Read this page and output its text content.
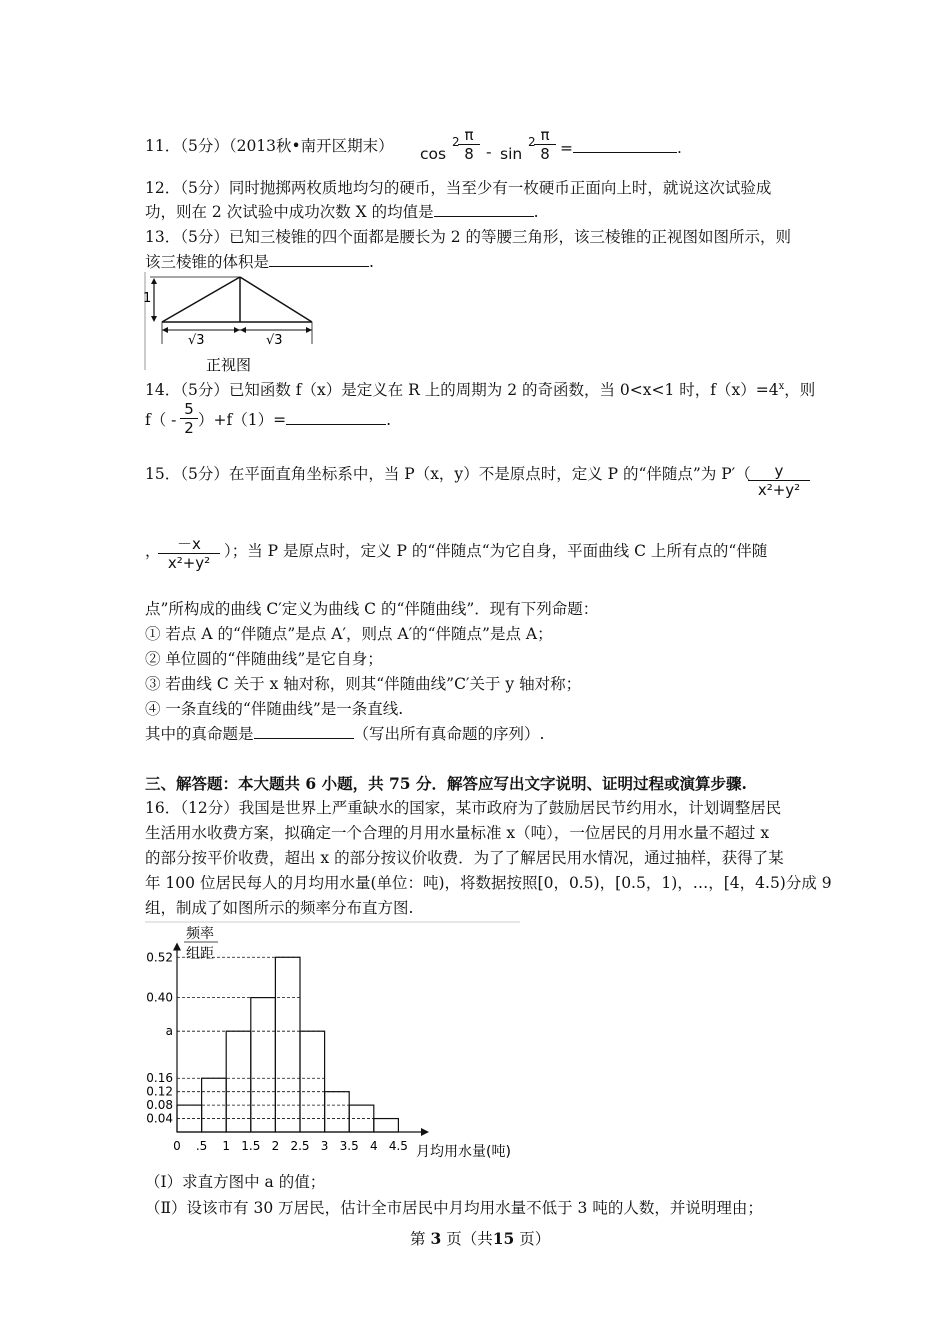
11．（5分）（2013秋•南开区期末） cos
2 π
8 - sin
2 π
8 =	.
12．（5分）同时抛掷两枚质地均匀的硬币，当至少有一枚硬币正面向上时，就说这次试验成
功，则在 2 次试验中成功次数 X 的均值是	.
13．（5分）已知三棱锥的四个面都是腰长为 2 的等腰三角形，该三棱锥的正视图如图所示，则
该三棱锥的体积是	.
1
√3	√3
正视图
14．（5分）已知函数 f（x）是定义在 R 上的周期为 2 的奇函数，当 0<x<1 时，$f(x)=4^x$，则
f（ -
5
2 ）+f（1）=	.
15．（5分）在平面直角坐标系中，当 P（x，y）不是原点时，定义 P 的“伴随点”为 P′（	y
x²+y²
，	－x
x²+y²
）；当 P 是原点时，定义 P 的“伴随点“为它自身，平面曲线 C 上所有点的“伴随
点”所构成的曲线 C′定义为曲线 C 的“伴随曲线”．现有下列命题：
① 若点 A 的“伴随点”是点 A′，则点 A′的“伴随点”是点 A；
② 单位圆的“伴随曲线”是它自身；
③ 若曲线 C 关于 x 轴对称，则其“伴随曲线”C′关于 y 轴对称；
④ 一条直线的“伴随曲线”是一条直线.
其中的真命题是	（写出所有真命题的序列）.
三、解答题：本大题共 6 小题，共 75 分．解答应写出文字说明、证明过程或演算步骤.
16．（12分）我国是世界上严重缺水的国家，某市政府为了鼓励居民节约用水，计划调整居民
生活用水收费方案，拟确定一个合理的月用水量标准 x（吨），一位居民的月用水量不超过 x
的部分按平价收费，超出 x 的部分按议价收费．为了了解居民用水情况，通过抽样，获得了某
年 100 位居民每人的月均用水量(单位：吨)，将数据按照[0，0.5)，[0.5，1)，…，[4，4.5)分成 9
组，制成了如图所示的频率分布直方图.
频率
组距
月均用水量(吨)
0.04
0.08
0.12
0.16
a
0.40
0.52
0 .5 1 1.5 2 2.5 3 3.5 4 4.5
（Ⅰ）求直方图中 a 的值；
（Ⅱ）设该市有 30 万居民，估计全市居民中月均用水量不低于 3 吨的人数，并说明理由；
第 3 页（共15 页）
